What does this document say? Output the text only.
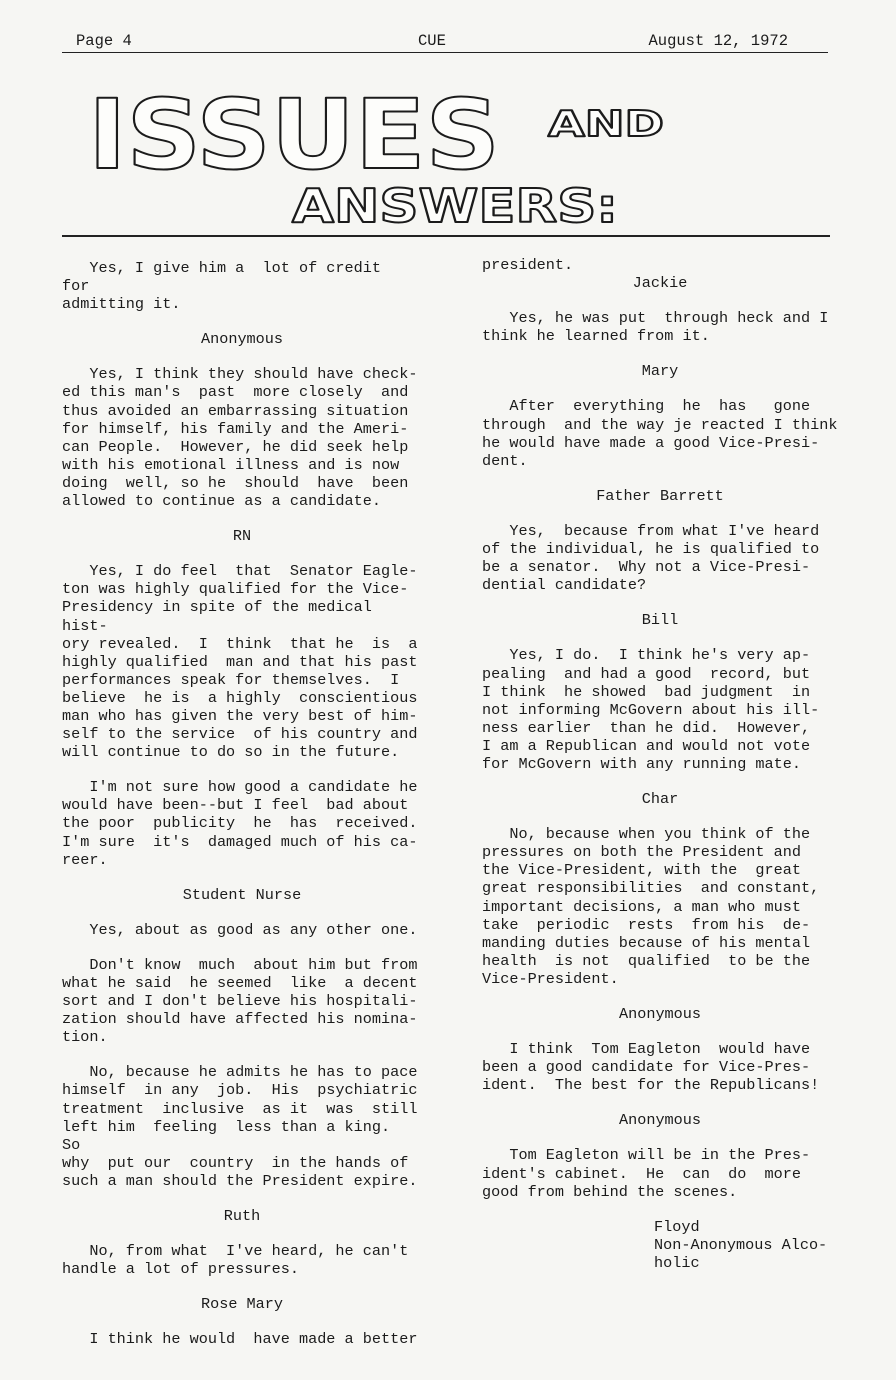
Page 4	CUE	August 12, 1972
ISSUES AND
ANSWERS:

Yes, I give him a  lot of credit  for
admitting it.

Anonymous

Yes, I think they should have check-
ed this man's  past  more closely  and
thus avoided an embarrassing situation
for himself, his family and the Ameri-
can People.  However, he did seek help
with his emotional illness and is now
doing  well, so he  should  have  been
allowed to continue as a candidate.

RN

Yes, I do feel  that  Senator Eagle-
ton was highly qualified for the Vice-
Presidency in spite of the medical hist-
ory revealed.  I  think  that he  is  a
highly qualified  man and that his past
performances speak for themselves.  I
believe  he is  a highly  conscientious
man who has given the very best of him-
self to the service  of his country and
will continue to do so in the future.

I'm not sure how good a candidate he
would have been--but I feel  bad about
the poor  publicity  he  has  received.
I'm sure  it's  damaged much of his ca-
reer.

Student Nurse

Yes, about as good as any other one.

Don't know  much  about him but from
what he said  he seemed  like  a decent
sort and I don't believe his hospitali-
zation should have affected his nomina-
tion.

No, because he admits he has to pace
himself  in any  job.  His  psychiatric
treatment  inclusive  as it  was  still
left him  feeling  less than a king.  So
why  put our  country  in the hands of
such a man should the President expire.

Ruth

No, from what  I've heard, he can't
handle a lot of pressures.

Rose Mary

I think he would  have made a better

president.

Jackie

Yes, he was put  through heck and I
think he learned from it.

Mary

After  everything  he  has   gone
through  and the way je reacted I think
he would have made a good Vice-Presi-
dent.

Father Barrett

Yes,  because from what I've heard
of the individual, he is qualified to
be a senator.  Why not a Vice-Presi-
dential candidate?

Bill

Yes, I do.  I think he's very ap-
pealing  and had a good  record, but
I think  he showed  bad judgment  in
not informing McGovern about his ill-
ness earlier  than he did.  However,
I am a Republican and would not vote
for McGovern with any running mate.

Char

No, because when you think of the
pressures on both the President and
the Vice-President, with the  great
great responsibilities  and constant,
important decisions, a man who must
take  periodic  rests  from his  de-
manding duties because of his mental
health  is not  qualified  to be the
Vice-President.

Anonymous

I think  Tom Eagleton  would have
been a good candidate for Vice-Pres-
ident.  The best for the Republicans!

Anonymous

Tom Eagleton will be in the Pres-
ident's cabinet.  He  can  do  more
good from behind the scenes.

Floyd
Non-Anonymous Alco-
holic
